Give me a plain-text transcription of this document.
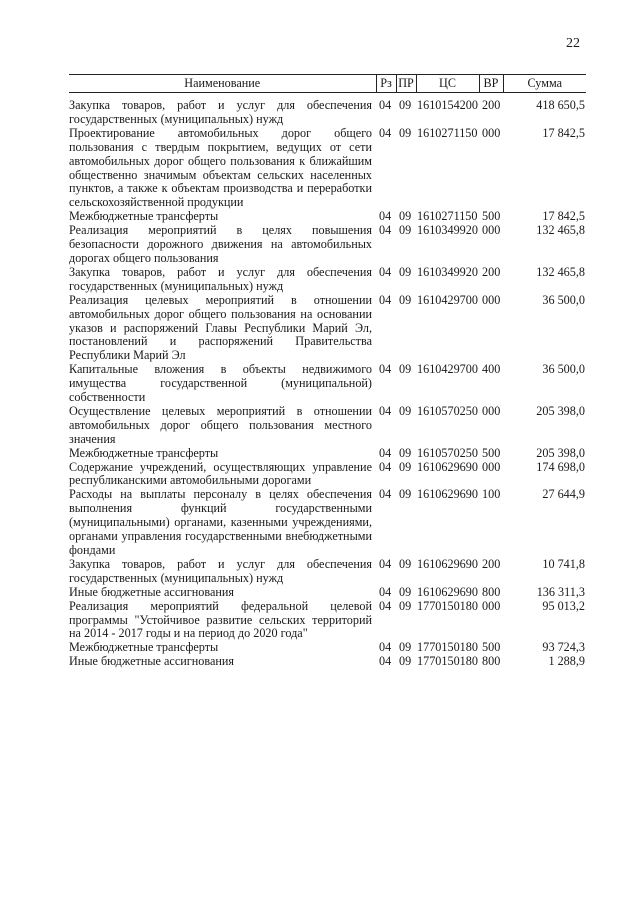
22
Наименование	Рз	ПР	ЦС	ВР	Сумма
Закупка товаров, работ и услуг для обеспечения государственных (муниципальных) нужд	04	09	1610154200	200	418 650,5
Проектирование автомобильных дорог общего пользования с твердым покрытием, ведущих от сети автомобильных дорог общего пользования к ближайшим общественно значимым объектам сельских населенных пунктов, а также к объектам производства и переработки сельскохозяйственной продукции	04	09	1610271150	000	17 842,5
Межбюджетные трансферты	04	09	1610271150	500	17 842,5
Реализация мероприятий в целях повышения безопасности дорожного движения на автомобильных дорогах общего пользования	04	09	1610349920	000	132 465,8
Закупка товаров, работ и услуг для обеспечения государственных (муниципальных) нужд	04	09	1610349920	200	132 465,8
Реализация целевых мероприятий в отношении автомобильных дорог общего пользования на основании указов и распоряжений Главы Республики Марий Эл, постановлений и распоряжений Правительства Республики Марий Эл	04	09	1610429700	000	36 500,0
Капитальные вложения в объекты недвижимого имущества государственной (муниципальной) собственности	04	09	1610429700	400	36 500,0
Осуществление целевых мероприятий в отношении автомобильных дорог общего пользования местного значения	04	09	1610570250	000	205 398,0
Межбюджетные трансферты	04	09	1610570250	500	205 398,0
Содержание учреждений, осуществляющих управление республиканскими автомобильными дорогами	04	09	1610629690	000	174 698,0
Расходы на выплаты персоналу в целях обеспечения выполнения функций государственными (муниципальными) органами, казенными учреждениями, органами управления государственными внебюджетными фондами	04	09	1610629690	100	27 644,9
Закупка товаров, работ и услуг для обеспечения государственных (муниципальных) нужд	04	09	1610629690	200	10 741,8
Иные бюджетные ассигнования	04	09	1610629690	800	136 311,3
Реализация мероприятий федеральной целевой программы "Устойчивое развитие сельских территорий на 2014 - 2017 годы и на период до 2020 года"	04	09	1770150180	000	95 013,2
Межбюджетные трансферты	04	09	1770150180	500	93 724,3
Иные бюджетные ассигнования	04	09	1770150180	800	1 288,9
